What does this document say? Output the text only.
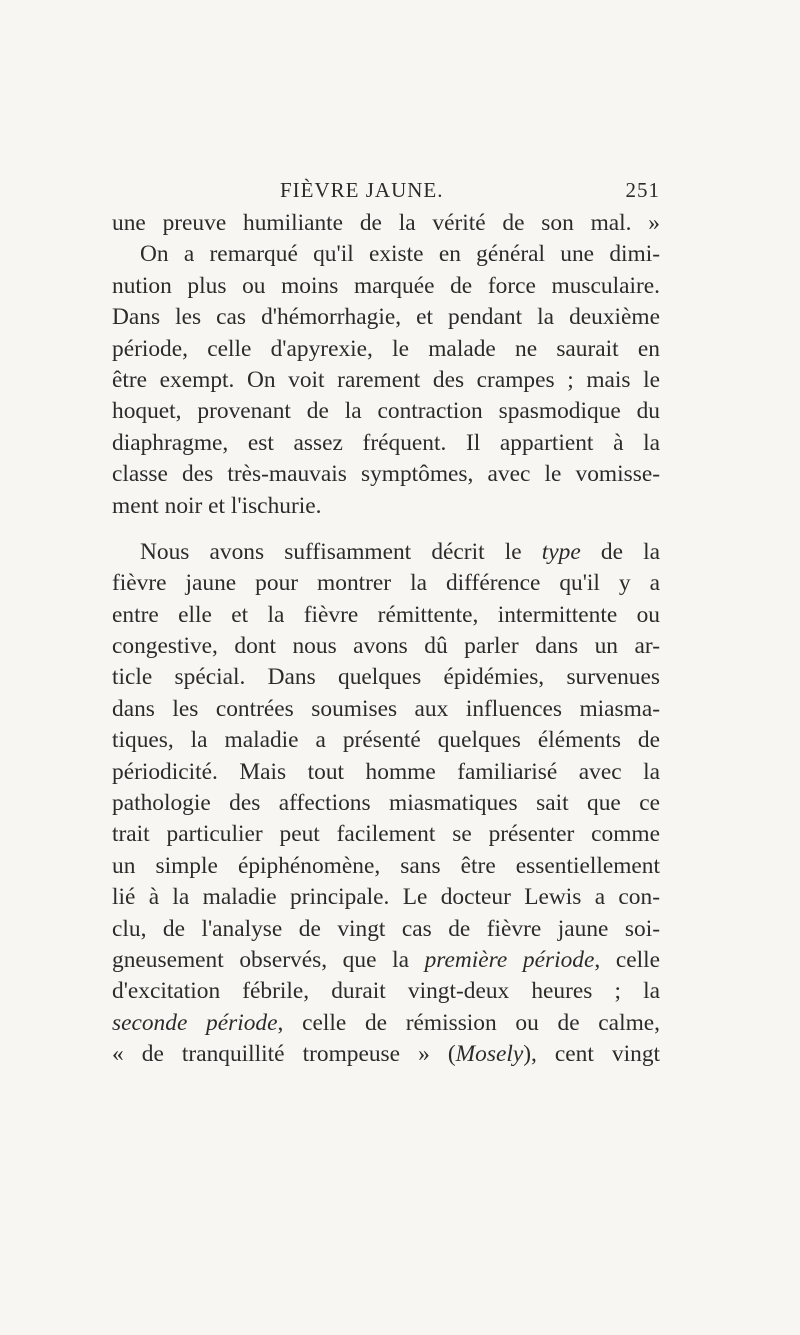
FIÈVRE JAUNE.	251
une preuve humiliante de la vérité de son mal. »
On a remarqué qu'il existe en général une dimi-
nution plus ou moins marquée de force musculaire.
Dans les cas d'hémorrhagie, et pendant la deuxième
période, celle d'apyrexie, le malade ne saurait en
être exempt. On voit rarement des crampes ; mais le
hoquet, provenant de la contraction spasmodique du
diaphragme, est assez fréquent. Il appartient à la
classe des très-mauvais symptômes, avec le vomisse-
ment noir et l'ischurie.
Nous avons suffisamment décrit le type de la
fièvre jaune pour montrer la différence qu'il y a
entre elle et la fièvre rémittente, intermittente ou
congestive, dont nous avons dû parler dans un ar-
ticle spécial. Dans quelques épidémies, survenues
dans les contrées soumises aux influences miasma-
tiques, la maladie a présenté quelques éléments de
périodicité. Mais tout homme familiarisé avec la
pathologie des affections miasmatiques sait que ce
trait particulier peut facilement se présenter comme
un simple épiphénomène, sans être essentiellement
lié à la maladie principale. Le docteur Lewis a con-
clu, de l'analyse de vingt cas de fièvre jaune soi-
gneusement observés, que la première période, celle
d'excitation fébrile, durait vingt-deux heures ; la
seconde période, celle de rémission ou de calme,
« de tranquillité trompeuse » (Mosely), cent vingt
